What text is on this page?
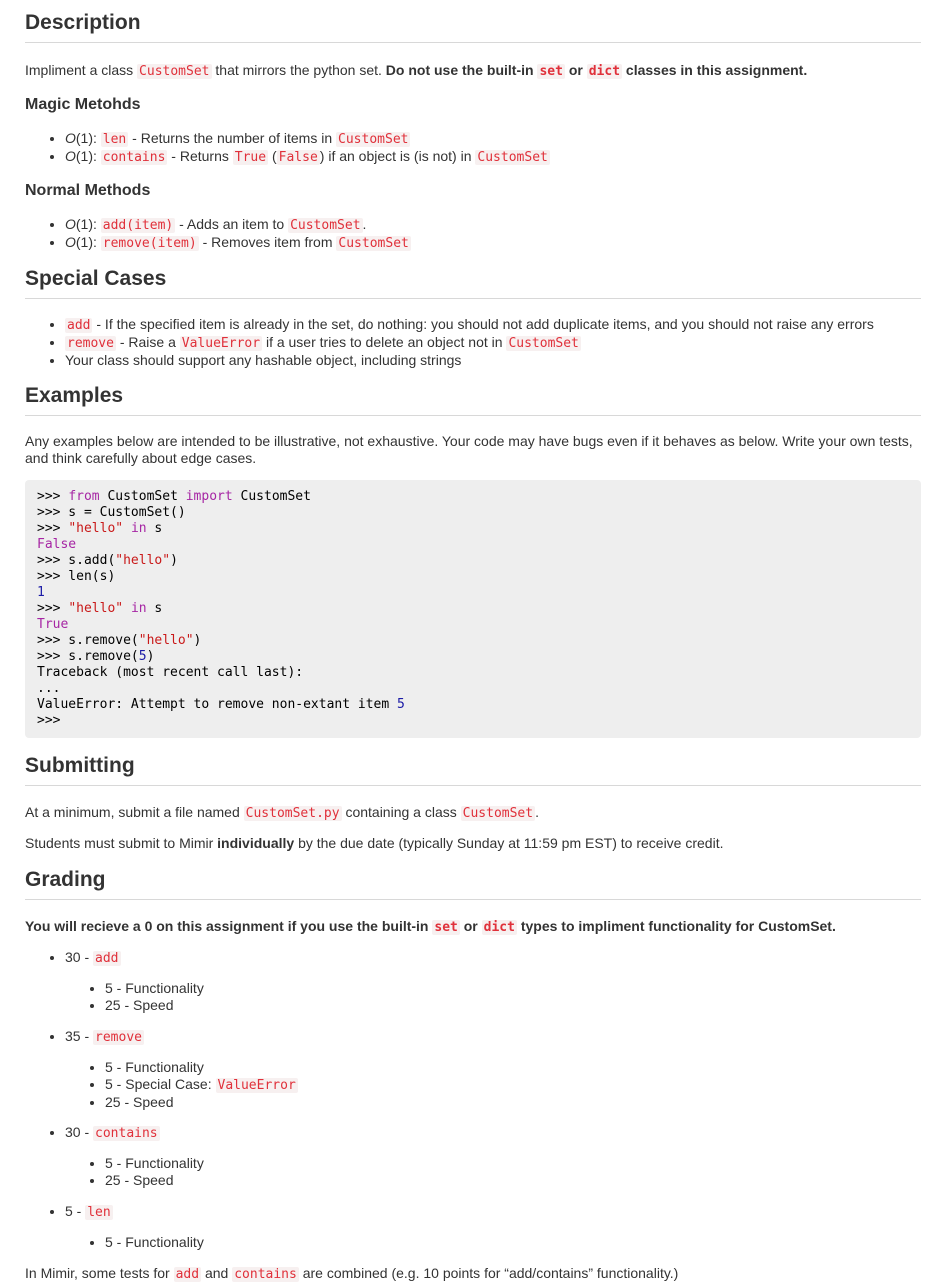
Description

Impliment a class CustomSet that mirrors the python set. Do not use the built-in set or dict classes in this assignment.

Magic Metohds
• O(1): len - Returns the number of items in CustomSet
• O(1): contains - Returns True ( False ) if an object is (is not) in CustomSet
Normal Methods
• O(1): add(item) - Adds an item to CustomSet .
• O(1): remove(item) - Removes item from CustomSet
Special Cases
• add - If the specified item is already in the set, do nothing: you should not add duplicate items, and you should not raise any errors
• remove - Raise a ValueError if a user tries to delete an object not in CustomSet
• Your class should support any hashable object, including strings
Examples

Any examples below are intended to be illustrative, not exhaustive. Your code may have bugs even if it behaves as below. Write your own tests, and think carefully about edge cases.

>>> from CustomSet import CustomSet
>>> s = CustomSet()
>>> "hello" in s
False
>>> s.add("hello")
>>> len(s)
1
>>> "hello" in s
True
>>> s.remove("hello")
>>> s.remove(5)
Traceback (most recent call last):
...
ValueError: Attempt to remove non-extant item 5
>>>
Submitting

At a minimum, submit a file named CustomSet.py containing a class CustomSet .

Students must submit to Mimir individually by the due date (typically Sunday at 11:59 pm EST) to receive credit.

Grading

You will recieve a 0 on this assignment if you use the built-in set or dict types to impliment functionality for CustomSet.

• 30 - add
• 5 - Functionality
• 25 - Speed
• 35 - remove
• 5 - Functionality
• 5 - Special Case: ValueError
• 25 - Speed
• 30 - contains
• 5 - Functionality
• 25 - Speed
• 5 - len
• 5 - Functionality

In Mimir, some tests for add and contains are combined (e.g. 10 points for “add/contains” functionality.)
